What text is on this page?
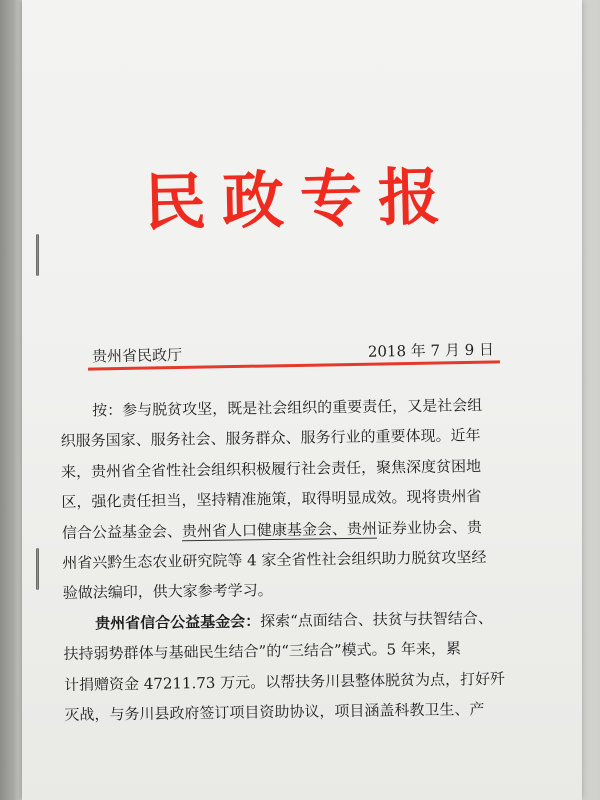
民政专报
贵州省民政厅	2018 年 7 月 9 日
按：参与脱贫攻坚，既是社会组织的重要责任，又是社会组
织服务国家、服务社会、服务群众、服务行业的重要体现。近年
来，贵州省全省性社会组织积极履行社会责任，聚焦深度贫困地
区，强化责任担当，坚持精准施策，取得明显成效。现将贵州省
信合公益基金会、贵州省人口健康基金会、贵州证券业协会、贵
州省兴黔生态农业研究院等 4 家全省性社会组织助力脱贫攻坚经
验做法编印，供大家参考学习。
贵州省信合公益基金会：探索“点面结合、扶贫与扶智结合、
扶持弱势群体与基础民生结合”的“三结合”模式。5 年来，累
计捐赠资金 47211.73 万元。以帮扶务川县整体脱贫为点，打好歼
灭战，与务川县政府签订项目资助协议，项目涵盖科教卫生、产
